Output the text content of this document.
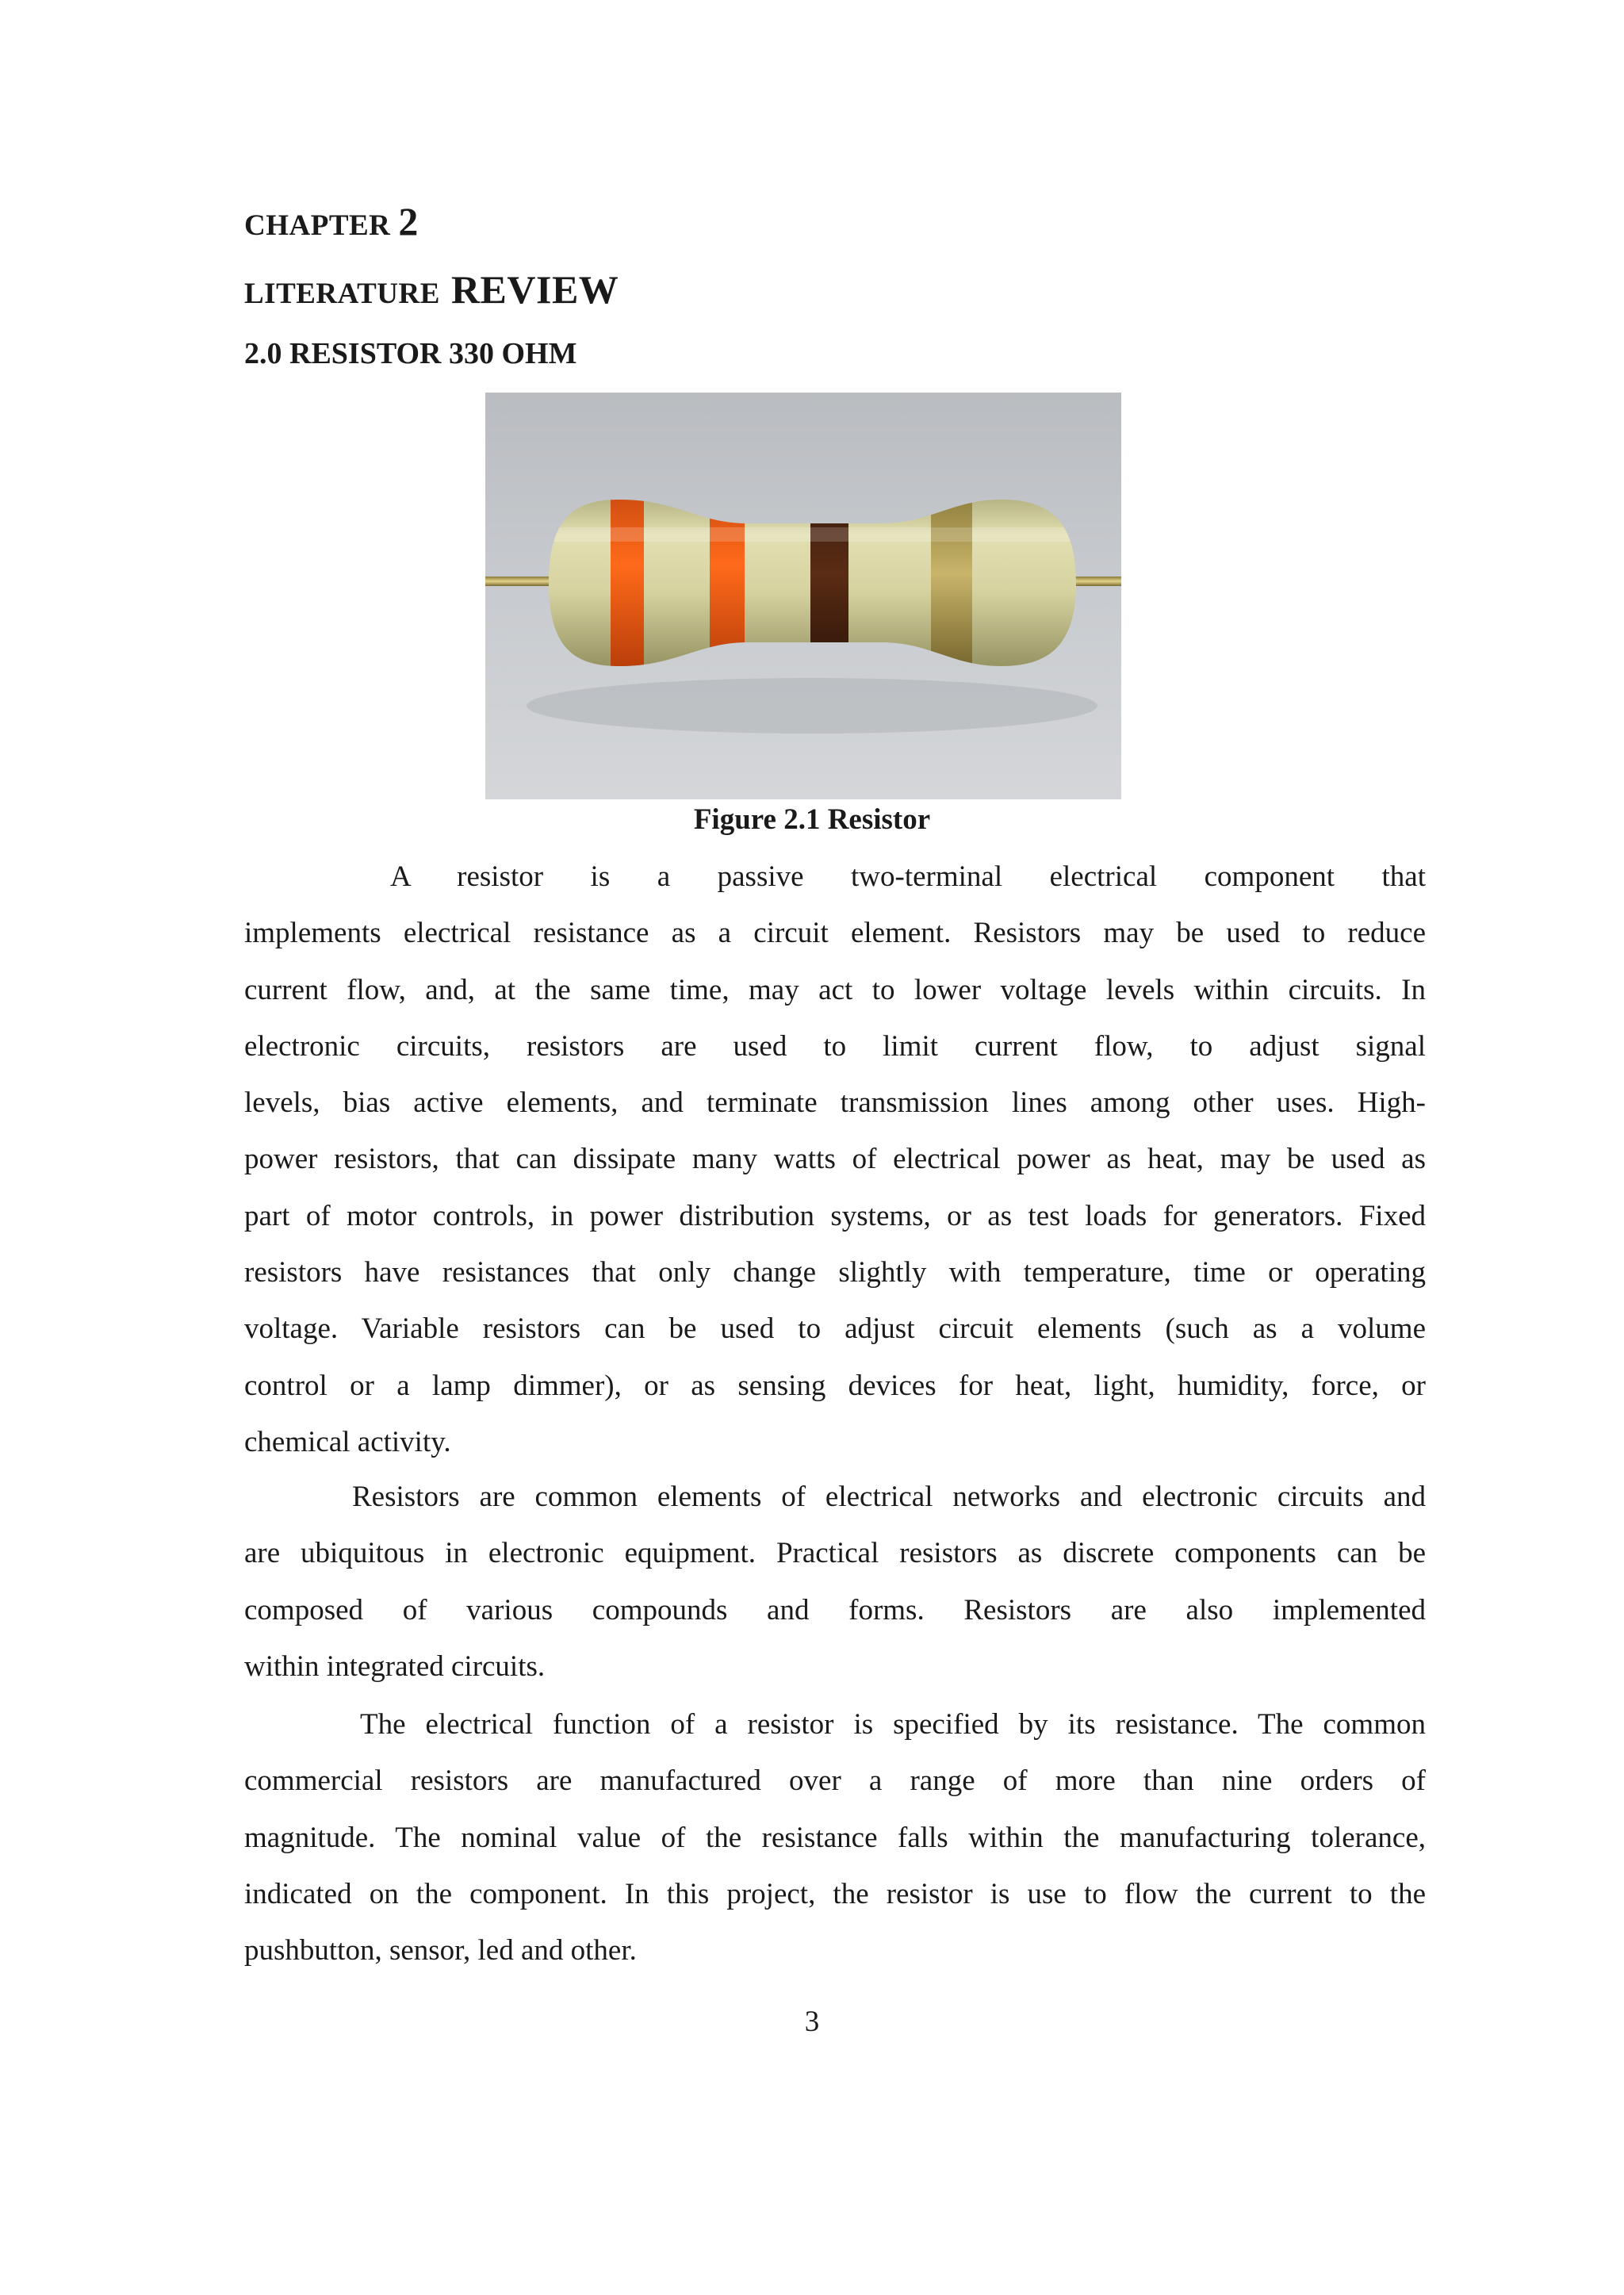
CHAPTER 2
LITERATURE REVIEW
2.0 RESISTOR 330 OHM
Figure 2.1 Resistor
A resistor is a passive two-terminal electrical component that
implements electrical resistance as a circuit element. Resistors may be used to reduce
current flow, and, at the same time, may act to lower voltage levels within circuits. In
electronic circuits, resistors are used to limit current flow, to adjust signal
levels, bias active elements, and terminate transmission lines among other uses. High-
power resistors, that can dissipate many watts of electrical power as heat, may be used as
part of motor controls, in power distribution systems, or as test loads for generators. Fixed
resistors have resistances that only change slightly with temperature, time or operating
voltage. Variable resistors can be used to adjust circuit elements (such as a volume
control or a lamp dimmer), or as sensing devices for heat, light, humidity, force, or
chemical activity.
Resistors are common elements of electrical networks and electronic circuits and
are ubiquitous in electronic equipment. Practical resistors as discrete components can be
composed of various compounds and forms. Resistors are also implemented
within integrated circuits.
The electrical function of a resistor is specified by its resistance. The common
commercial resistors are manufactured over a range of more than nine orders of
magnitude. The nominal value of the resistance falls within the manufacturing tolerance,
indicated on the component. In this project, the resistor is use to flow the current to the
pushbutton, sensor, led and other.
3
